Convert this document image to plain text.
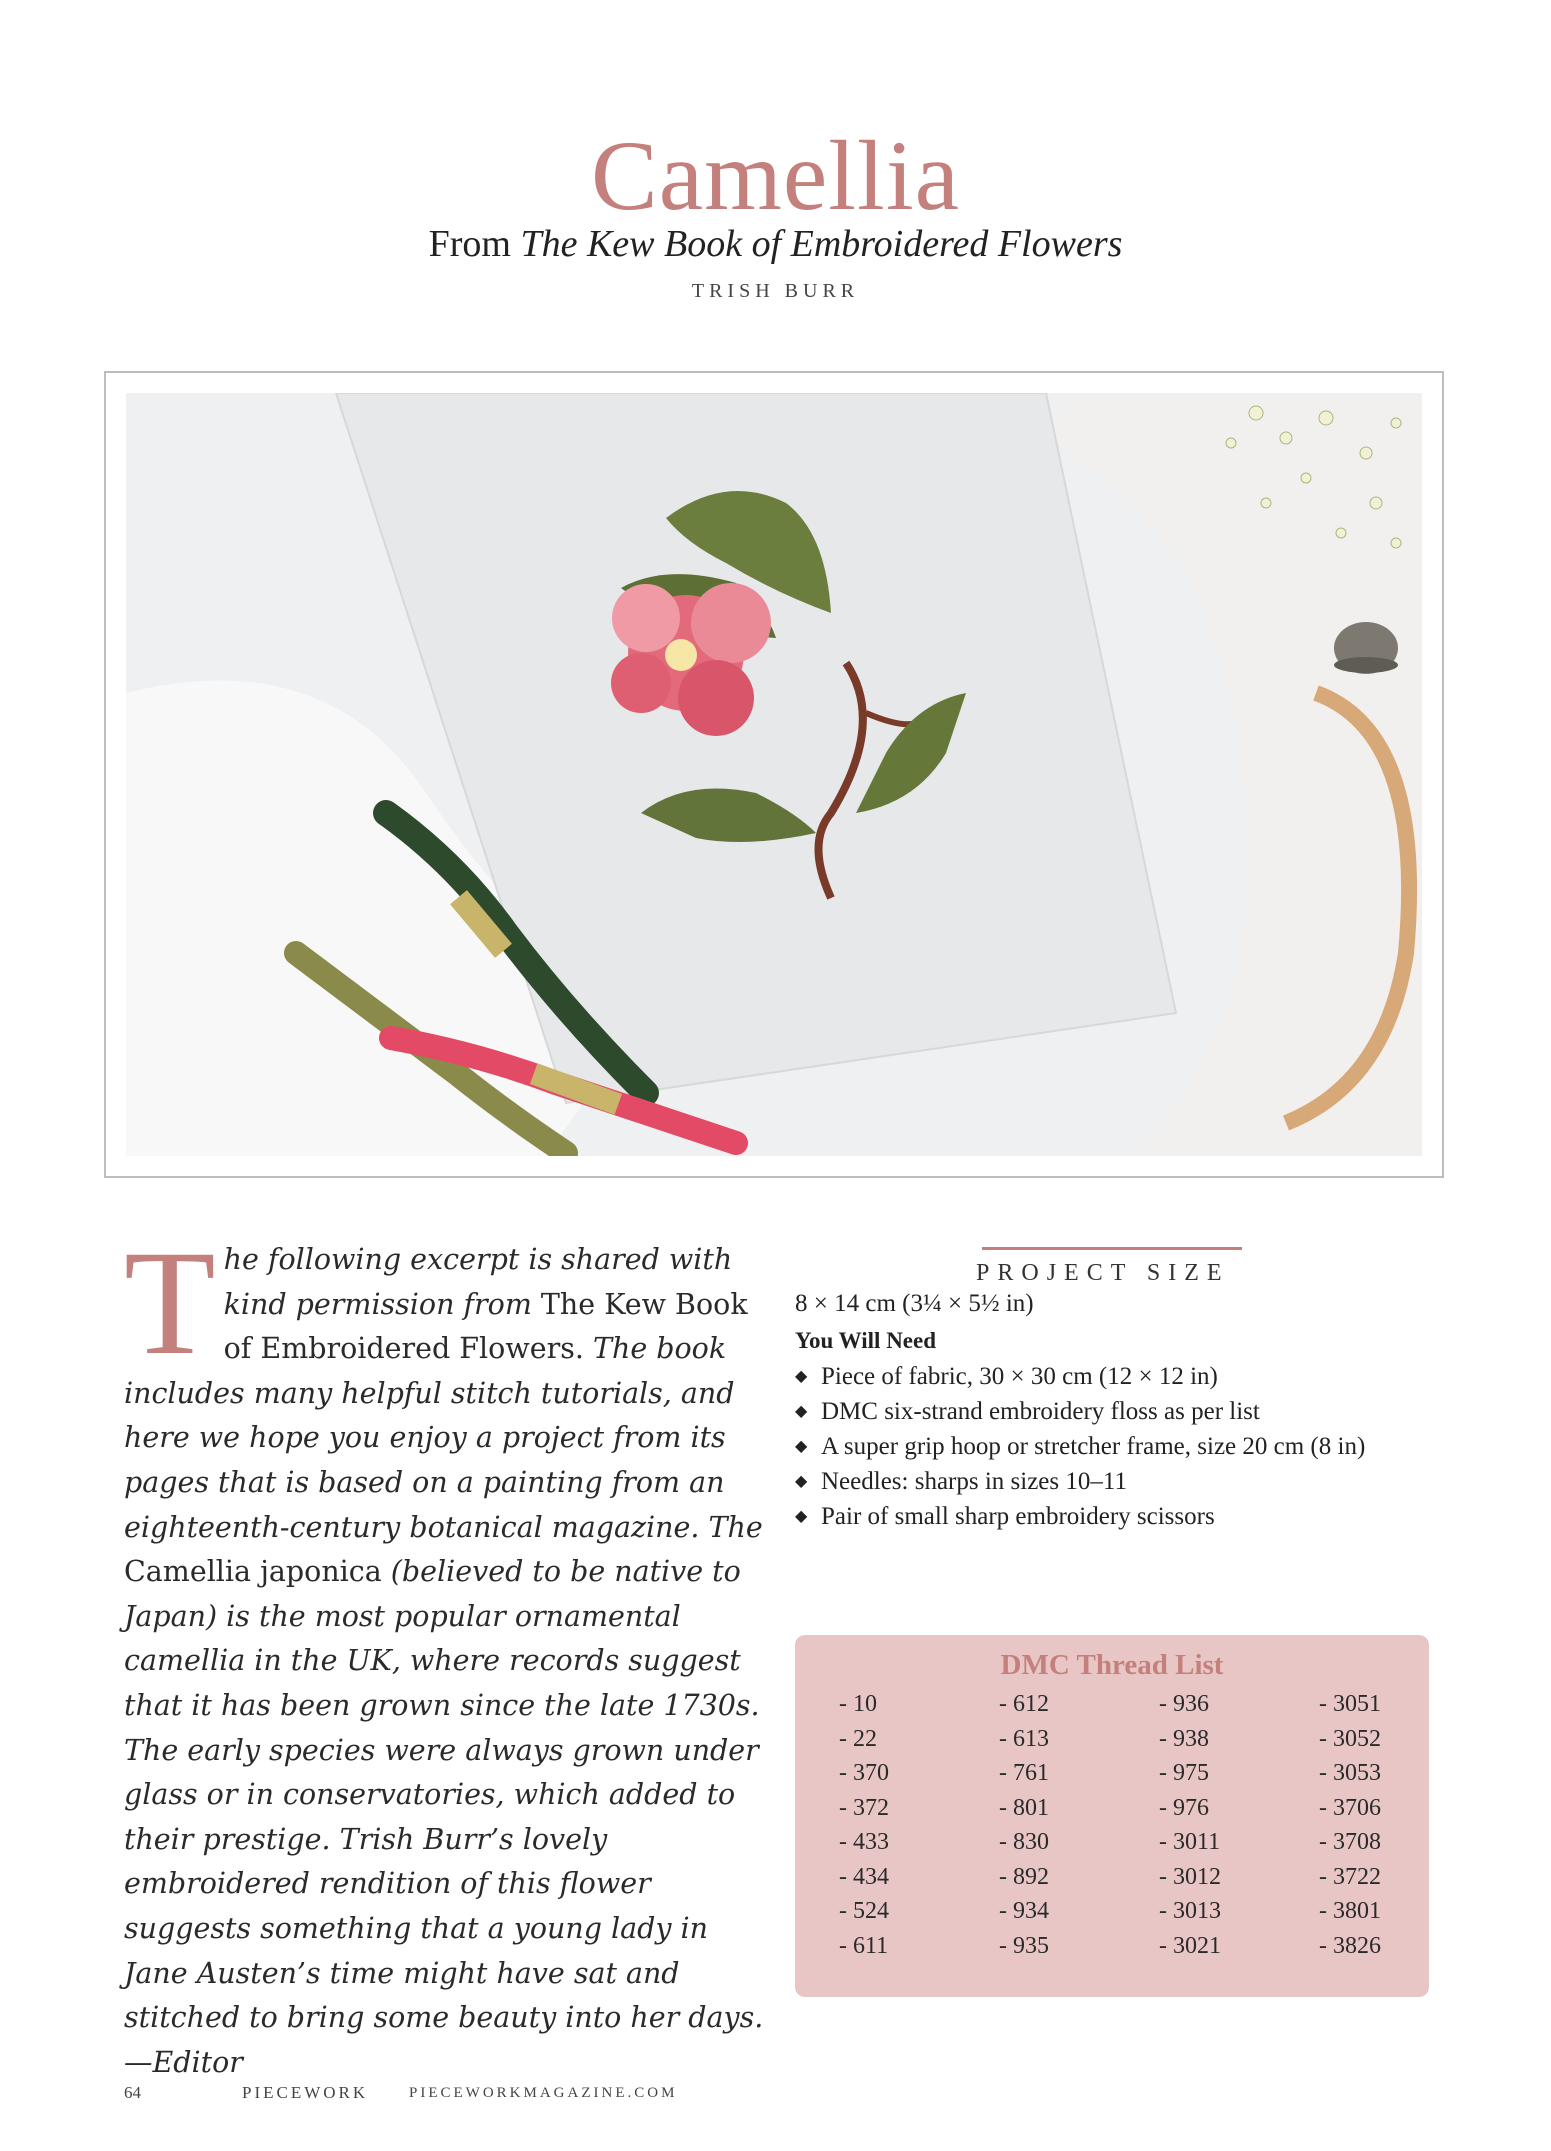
Camellia
From The Kew Book of Embroidered Flowers
TRISH BURR
The following excerpt is shared with kind permission from The Kew Book of Embroidered Flowers. The book includes many helpful stitch tutorials, and here we hope you enjoy a project from its pages that is based on a painting from an eighteenth-century botanical magazine. The Camellia japonica (believed to be native to Japan) is the most popular ornamental camellia in the UK, where records suggest that it has been grown since the late 1730s. The early species were always grown under glass or in conservatories, which added to their prestige. Trish Burr’s lovely embroidered rendition of this flower suggests something that a young lady in Jane Austen’s time might have sat and stitched to bring some beauty into her days. —Editor
PROJECT SIZE
8 × 14 cm (3¼ × 5½ in)
You Will Need
◆ Piece of fabric, 30 × 30 cm (12 × 12 in)
◆ DMC six-strand embroidery floss as per list
◆ A super grip hoop or stretcher frame, size 20 cm (8 in)
◆ Needles: sharps in sizes 10–11
◆ Pair of small sharp embroidery scissors
DMC Thread List
- 10	- 612	- 936	- 3051
- 22	- 613	- 938	- 3052
- 370	- 761	- 975	- 3053
- 372	- 801	- 976	- 3706
- 433	- 830	- 3011	- 3708
- 434	- 892	- 3012	- 3722
- 524	- 934	- 3013	- 3801
- 611	- 935	- 3021	- 3826
64	PIECEWORK	PIECEWORKMAGAZINE.COM
